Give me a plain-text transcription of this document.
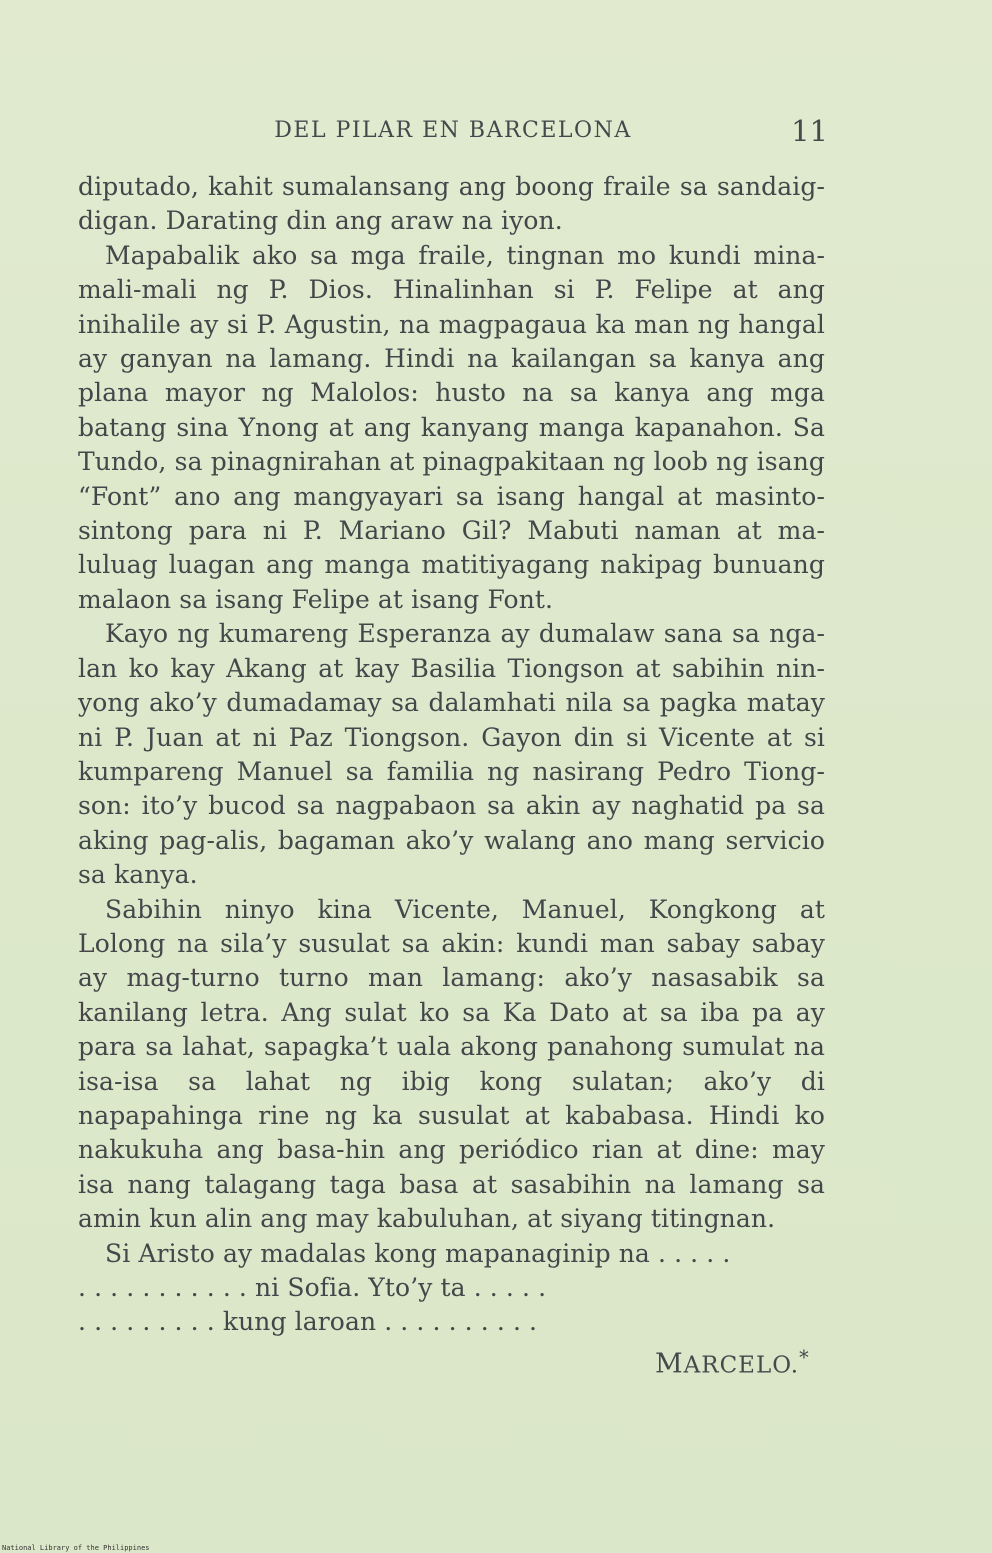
DEL PILAR EN BARCELONA	11

diputado, kahit sumalansang ang boong fraile sa sandaig-digan. Darating din ang araw na iyon.

Mapabalik ako sa mga fraile, tingnan mo kundi mina-mali-mali ng P. Dios. Hinalinhan si P. Felipe at ang inihalile ay si P. Agustin, na magpagaua ka man ng hangal ay ganyan na lamang. Hindi na kailangan sa kanya ang plana mayor ng Malolos: husto na sa kanya ang mga batang sina Ynong at ang kanyang manga kapanahon. Sa Tundo, sa pinagnirahan at pinagpakitaan ng loob ng isang “Font” ano ang mangyayari sa isang hangal at masinto-sintong para ni P. Mariano Gil? Mabuti naman at ma-luluag luagan ang manga matitiyagang nakipag bunuang malaon sa isang Felipe at isang Font.

Kayo ng kumareng Esperanza ay dumalaw sana sa nga-lan ko kay Akang at kay Basilia Tiongson at sabihin nin-yong ako’y dumadamay sa dalamhati nila sa pagka matay ni P. Juan at ni Paz Tiongson. Gayon din si Vicente at si kumpareng Manuel sa familia ng nasirang Pedro Tiong-son: ito’y bucod sa nagpabaon sa akin ay naghatid pa sa aking pag-alis, bagaman ako’y walang ano mang servicio sa kanya.

Sabihin ninyo kina Vicente, Manuel, Kongkong at Lolong na sila’y susulat sa akin: kundi man sabay sabay ay mag-turno turno man lamang: ako’y nasasabik sa kanilang letra. Ang sulat ko sa Ka Dato at sa iba pa ay para sa lahat, sapagka’t uala akong panahong sumulat na isa-isa sa lahat ng ibig kong sulatan; ako’y di napapahinga rine ng ka susulat at kababasa. Hindi ko nakukuha ang basa-hin ang periódico rian at dine: may isa nang talagang taga basa at sasabihin na lamang sa amin kun alin ang may kabuluhan, at siyang titingnan.

Si Aristo ay madalas kong mapanaginip na . . . . .
. . . . . . . . . . . ni Sofia. Yto’y ta . . . . .
. . . . . . . . . kung laroan . . . . . . . . . .
MARCELO.*
National Library of the Philippines
